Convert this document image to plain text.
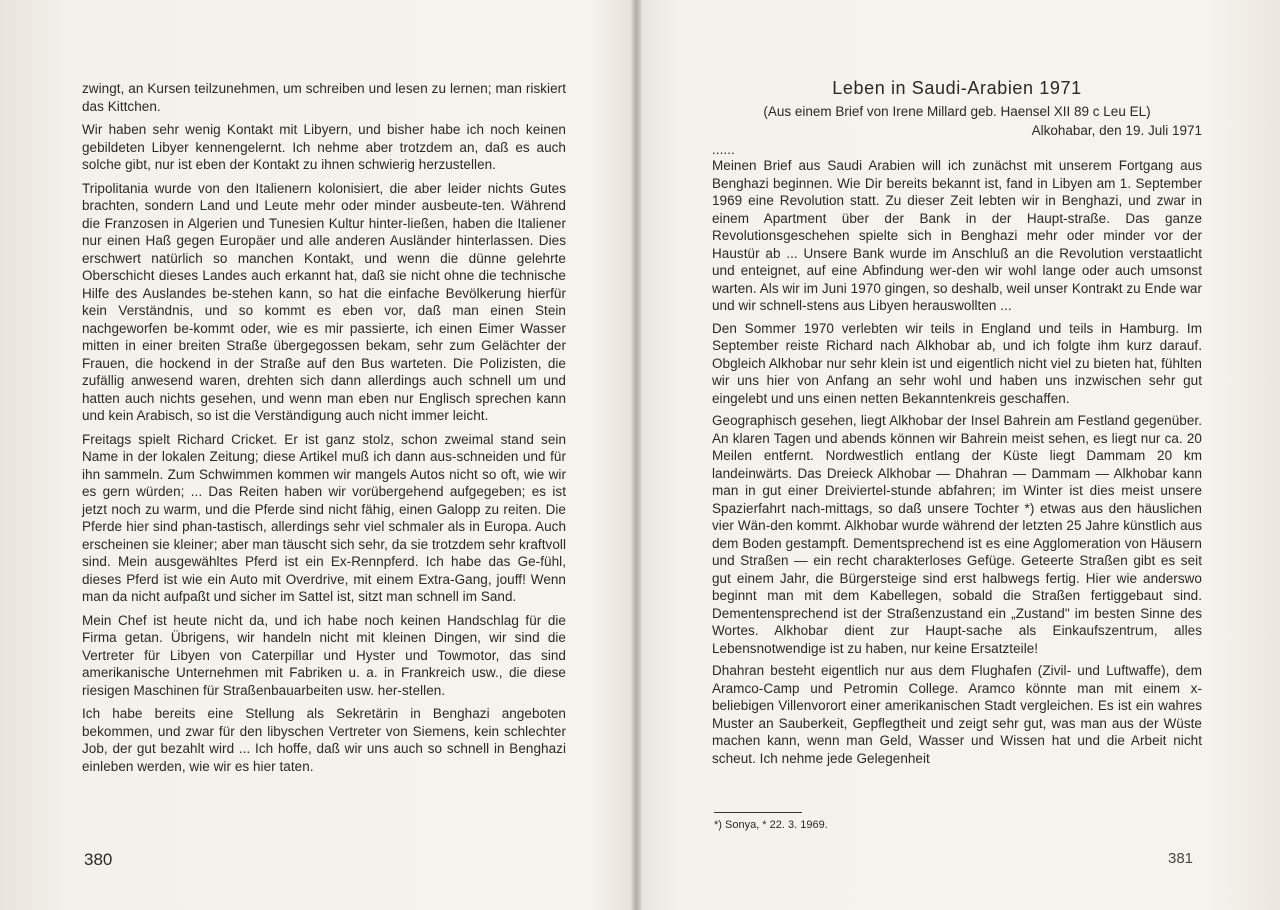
zwingt, an Kursen teilzunehmen, um schreiben und lesen zu lernen; man riskiert das Kittchen.

Wir haben sehr wenig Kontakt mit Libyern, und bisher habe ich noch keinen gebildeten Libyer kennengelernt. Ich nehme aber trotzdem an, daß es auch solche gibt, nur ist eben der Kontakt zu ihnen schwierig herzustellen.

Tripolitania wurde von den Italienern kolonisiert, die aber leider nichts Gutes brachten, sondern Land und Leute mehr oder minder ausbeute-ten. Während die Franzosen in Algerien und Tunesien Kultur hinter-ließen, haben die Italiener nur einen Haß gegen Europäer und alle anderen Ausländer hinterlassen. Dies erschwert natürlich so manchen Kontakt, und wenn die dünne gelehrte Oberschicht dieses Landes auch erkannt hat, daß sie nicht ohne die technische Hilfe des Auslandes be-stehen kann, so hat die einfache Bevölkerung hierfür kein Verständnis, und so kommt es eben vor, daß man einen Stein nachgeworfen be-kommt oder, wie es mir passierte, ich einen Eimer Wasser mitten in einer breiten Straße übergegossen bekam, sehr zum Gelächter der Frauen, die hockend in der Straße auf den Bus warteten. Die Polizisten, die zufällig anwesend waren, drehten sich dann allerdings auch schnell um und hatten auch nichts gesehen, und wenn man eben nur Englisch sprechen kann und kein Arabisch, so ist die Verständigung auch nicht immer leicht.

Freitags spielt Richard Cricket. Er ist ganz stolz, schon zweimal stand sein Name in der lokalen Zeitung; diese Artikel muß ich dann aus-schneiden und für ihn sammeln. Zum Schwimmen kommen wir mangels Autos nicht so oft, wie wir es gern würden; ... Das Reiten haben wir vorübergehend aufgegeben; es ist jetzt noch zu warm, und die Pferde sind nicht fähig, einen Galopp zu reiten. Die Pferde hier sind phan-tastisch, allerdings sehr viel schmaler als in Europa. Auch erscheinen sie kleiner; aber man täuscht sich sehr, da sie trotzdem sehr kraftvoll sind. Mein ausgewähltes Pferd ist ein Ex-Rennpferd. Ich habe das Ge-fühl, dieses Pferd ist wie ein Auto mit Overdrive, mit einem Extra-Gang, jouff! Wenn man da nicht aufpaßt und sicher im Sattel ist, sitzt man schnell im Sand.

Mein Chef ist heute nicht da, und ich habe noch keinen Handschlag für die Firma getan. Übrigens, wir handeln nicht mit kleinen Dingen, wir sind die Vertreter für Libyen von Caterpillar und Hyster und Towmotor, das sind amerikanische Unternehmen mit Fabriken u. a. in Frankreich usw., die diese riesigen Maschinen für Straßenbauarbeiten usw. her-stellen.

Ich habe bereits eine Stellung als Sekretärin in Benghazi angeboten bekommen, und zwar für den libyschen Vertreter von Siemens, kein schlechter Job, der gut bezahlt wird ... Ich hoffe, daß wir uns auch so schnell in Benghazi einleben werden, wie wir es hier taten.

380
Leben in Saudi-Arabien 1971
(Aus einem Brief von Irene Millard geb. Haensel XII 89 c Leu EL)
Alkohabar, den 19. Juli 1971

......

Meinen Brief aus Saudi Arabien will ich zunächst mit unserem Fortgang aus Benghazi beginnen. Wie Dir bereits bekannt ist, fand in Libyen am 1. September 1969 eine Revolution statt. Zu dieser Zeit lebten wir in Benghazi, und zwar in einem Apartment über der Bank in der Haupt-straße. Das ganze Revolutionsgeschehen spielte sich in Benghazi mehr oder minder vor der Haustür ab ... Unsere Bank wurde im Anschluß an die Revolution verstaatlicht und enteignet, auf eine Abfindung wer-den wir wohl lange oder auch umsonst warten. Als wir im Juni 1970 gingen, so deshalb, weil unser Kontrakt zu Ende war und wir schnell-stens aus Libyen herauswollten ...

Den Sommer 1970 verlebten wir teils in England und teils in Hamburg. Im September reiste Richard nach Alkhobar ab, und ich folgte ihm kurz darauf. Obgleich Alkhobar nur sehr klein ist und eigentlich nicht viel zu bieten hat, fühlten wir uns hier von Anfang an sehr wohl und haben uns inzwischen sehr gut eingelebt und uns einen netten Bekanntenkreis geschaffen.

Geographisch gesehen, liegt Alkhobar der Insel Bahrein am Festland gegenüber. An klaren Tagen und abends können wir Bahrein meist sehen, es liegt nur ca. 20 Meilen entfernt. Nordwestlich entlang der Küste liegt Dammam 20 km landeinwärts. Das Dreieck Alkhobar — Dhahran — Dammam — Alkhobar kann man in gut einer Dreiviertel-stunde abfahren; im Winter ist dies meist unsere Spazierfahrt nach-mittags, so daß unsere Tochter *) etwas aus den häuslichen vier Wän-den kommt. Alkhobar wurde während der letzten 25 Jahre künstlich aus dem Boden gestampft. Dementsprechend ist es eine Agglomeration von Häusern und Straßen — ein recht charakterloses Gefüge. Geteerte Straßen gibt es seit gut einem Jahr, die Bürgersteige sind erst halbwegs fertig. Hier wie anderswo beginnt man mit dem Kabellegen, sobald die Straßen fertiggebaut sind. Dementensprechend ist der Straßenzustand ein „Zustand" im besten Sinne des Wortes. Alkhobar dient zur Haupt-sache als Einkaufszentrum, alles Lebensnotwendige ist zu haben, nur keine Ersatzteile!

Dhahran besteht eigentlich nur aus dem Flughafen (Zivil- und Luftwaffe), dem Aramco-Camp und Petromin College. Aramco könnte man mit einem x-beliebigen Villenvorort einer amerikanischen Stadt vergleichen. Es ist ein wahres Muster an Sauberkeit, Gepflegtheit und zeigt sehr gut, was man aus der Wüste machen kann, wenn man Geld, Wasser und Wissen hat und die Arbeit nicht scheut. Ich nehme jede Gelegenheit

*) Sonya, * 22. 3. 1969.
381
